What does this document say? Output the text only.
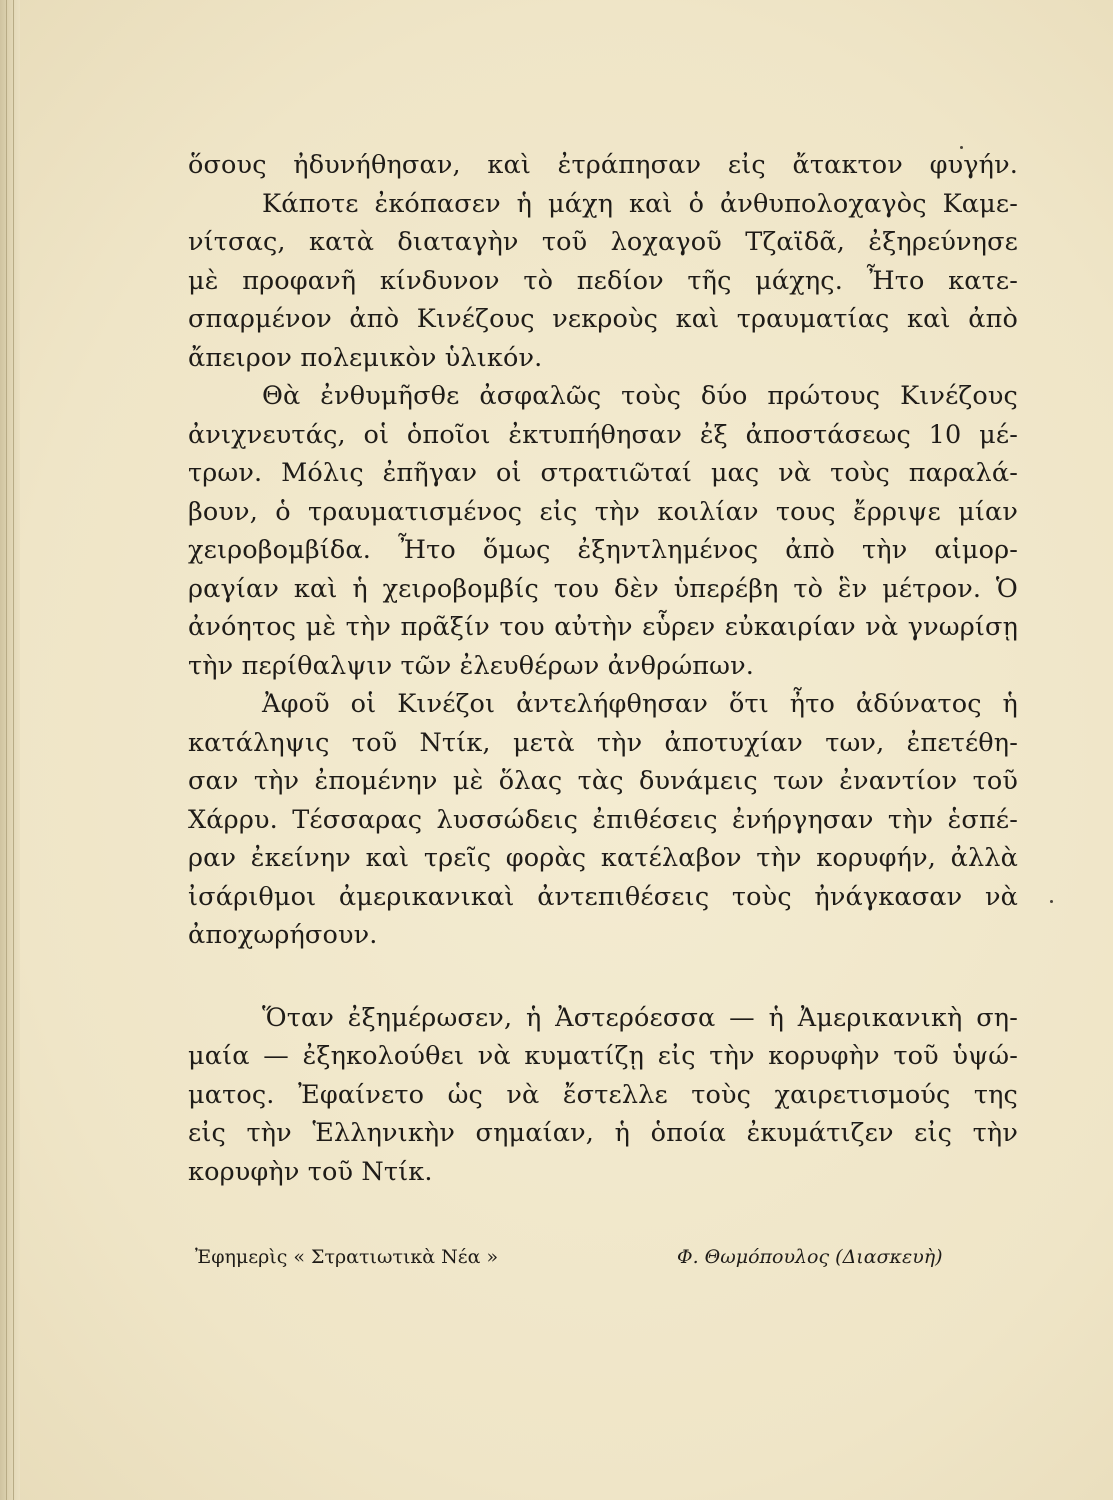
ὅσους ἠδυνήθησαν, καὶ ἐτράπησαν εἰς ἄτακτον φυγήν.
Κάποτε ἐκόπασεν ἡ μάχη καὶ ὁ ἀνθυπολοχαγὸς Καμε-
νίτσας, κατὰ διαταγὴν τοῦ λοχαγοῦ Τζαϊδᾶ, ἐξηρεύνησε
μὲ προφανῆ κίνδυνον τὸ πεδίον τῆς μάχης. Ἦτο κατε-
σπαρμένον ἀπὸ Κινέζους νεκροὺς καὶ τραυματίας καὶ ἀπὸ
ἄπειρον πολεμικὸν ὑλικόν.
Θὰ ἐνθυμῆσθε ἀσφαλῶς τοὺς δύο πρώτους Κινέζους
ἀνιχνευτάς, οἱ ὁποῖοι ἐκτυπήθησαν ἐξ ἀποστάσεως 10 μέ-
τρων. Μόλις ἐπῆγαν οἱ στρατιῶταί μας νὰ τοὺς παραλά-
βουν, ὁ τραυματισμένος εἰς τὴν κοιλίαν τους ἔρριψε μίαν
χειροβομβίδα. Ἦτο ὅμως ἐξηντλημένος ἀπὸ τὴν αἱμορ-
ραγίαν καὶ ἡ χειροβομβίς του δὲν ὑπερέβη τὸ ἓν μέτρον. Ὁ
ἀνόητος μὲ τὴν πρᾶξίν του αὐτὴν εὗρεν εὐκαιρίαν νὰ γνωρίσῃ
τὴν περίθαλψιν τῶν ἐλευθέρων ἀνθρώπων.
Ἀφοῦ οἱ Κινέζοι ἀντελήφθησαν ὅτι ἦτο ἀδύνατος ἡ
κατάληψις τοῦ Ντίκ, μετὰ τὴν ἀποτυχίαν των, ἐπετέθη-
σαν τὴν ἐπομένην μὲ ὅλας τὰς δυνάμεις των ἐναντίον τοῦ
Χάρρυ. Τέσσαρας λυσσώδεις ἐπιθέσεις ἐνήργησαν τὴν ἑσπέ-
ραν ἐκείνην καὶ τρεῖς φορὰς κατέλαβον τὴν κορυφήν, ἀλλὰ
ἰσάριθμοι ἀμερικανικαὶ ἀντεπιθέσεις τοὺς ἠνάγκασαν νὰ
ἀποχωρήσουν.
Ὅταν ἐξημέρωσεν, ἡ Ἀστερόεσσα — ἡ Ἀμερικανικὴ ση-
μαία — ἐξηκολούθει νὰ κυματίζῃ εἰς τὴν κορυφὴν τοῦ ὑψώ-
ματος. Ἐφαίνετο ὡς νὰ ἔστελλε τοὺς χαιρετισμούς της
εἰς τὴν Ἑλληνικὴν σημαίαν, ἡ ὁποία ἐκυμάτιζεν εἰς τὴν
κορυφὴν τοῦ Ντίκ.
Ἐφημερὶς « Στρατιωτικὰ Νέα »	Φ. Θωμόπουλος (Διασκευὴ)
